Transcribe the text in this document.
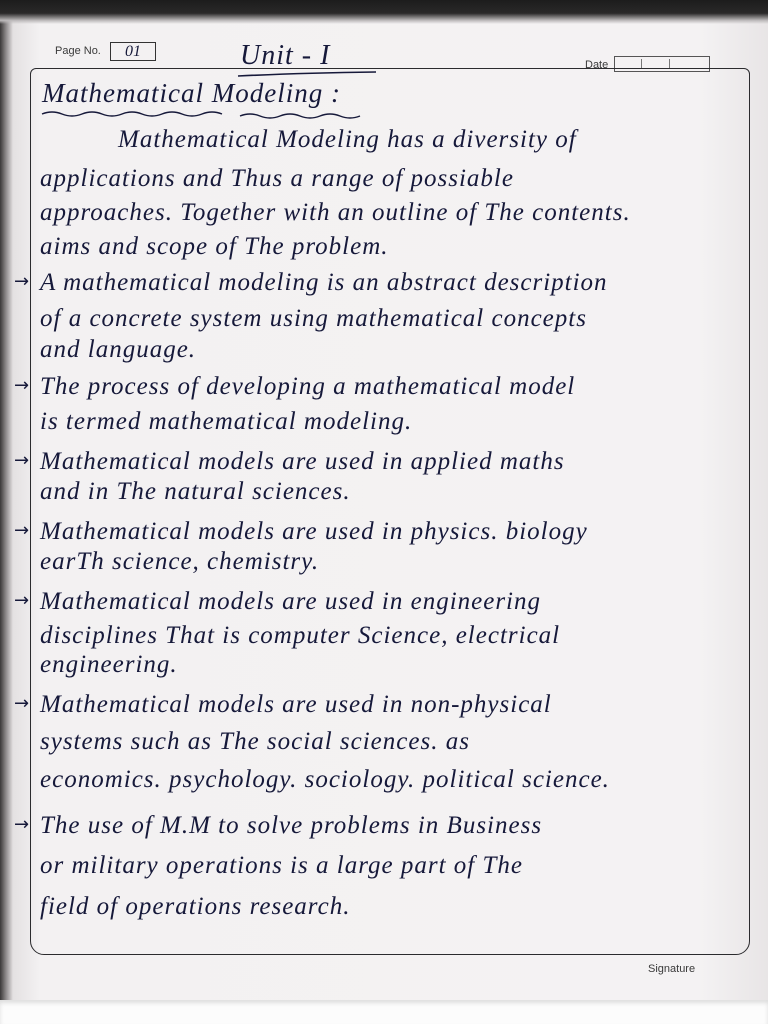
Page No.	01	Unit - I	Date
Mathematical Modeling :
Mathematical Modeling has a diversity of
applications and Thus a range of possiable
approaches. Together with an outline of The contents.
aims and scope of The problem.
→ A mathematical modeling is an abstract description
of a concrete system using mathematical concepts
and language.
→ The process of developing a mathematical model
is termed mathematical modeling.
→ Mathematical models are used in applied maths
and in The natural sciences.
→ Mathematical models are used in physics. biology
earTh science, chemistry.
→ Mathematical models are used in engineering
disciplines That is computer Science, electrical
engineering.
→ Mathematical models are used in non-physical
systems such as The social sciences. as
economics. psychology. sociology. political science.
→ The use of M.M to solve problems in Business
or military operations is a large part of The
field of operations research.
Signature
